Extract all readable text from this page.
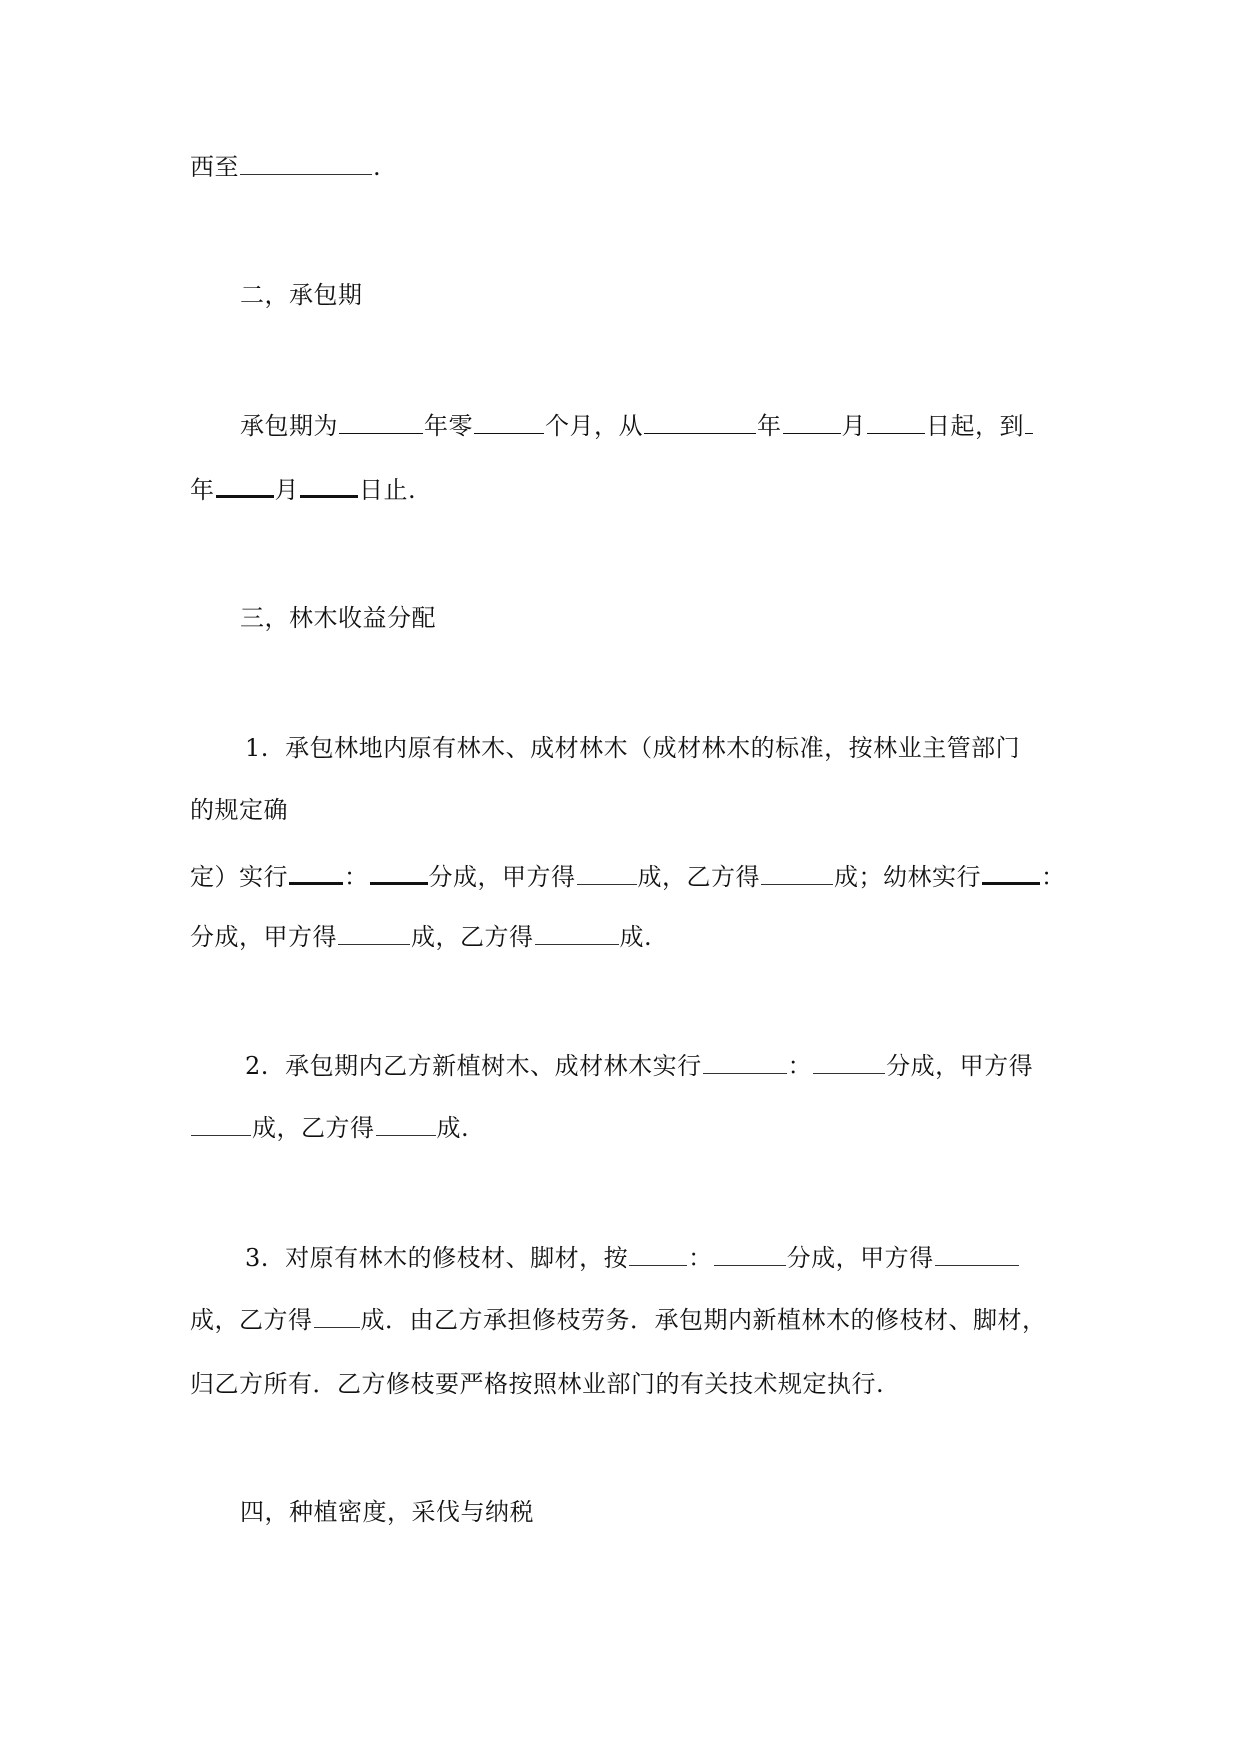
西至	.
二，承包期
承包期为	年零	个月，从	年	月	日起，到
年	月	日止.
三，林木收益分配
1. 承包林地内原有林木、成材林木（成材林木的标准，按林业主管部门
的规定确
定）实行 ：	分成，甲方得	成，乙方得	成；幼林实行	：
分成，甲方得	成，乙方得	成.
2. 承包期内乙方新植树木、成材林木实行	：	分成，甲方得
成，乙方得	成.
3. 对原有林木的修枝材、脚材，按	：	分成，甲方得
成，乙方得 成．由乙方承担修枝劳务．承包期内新植林木的修枝材、脚材，
归乙方所有．乙方修枝要严格按照林业部门的有关技术规定执行.
四，种植密度，采伐与纳税
